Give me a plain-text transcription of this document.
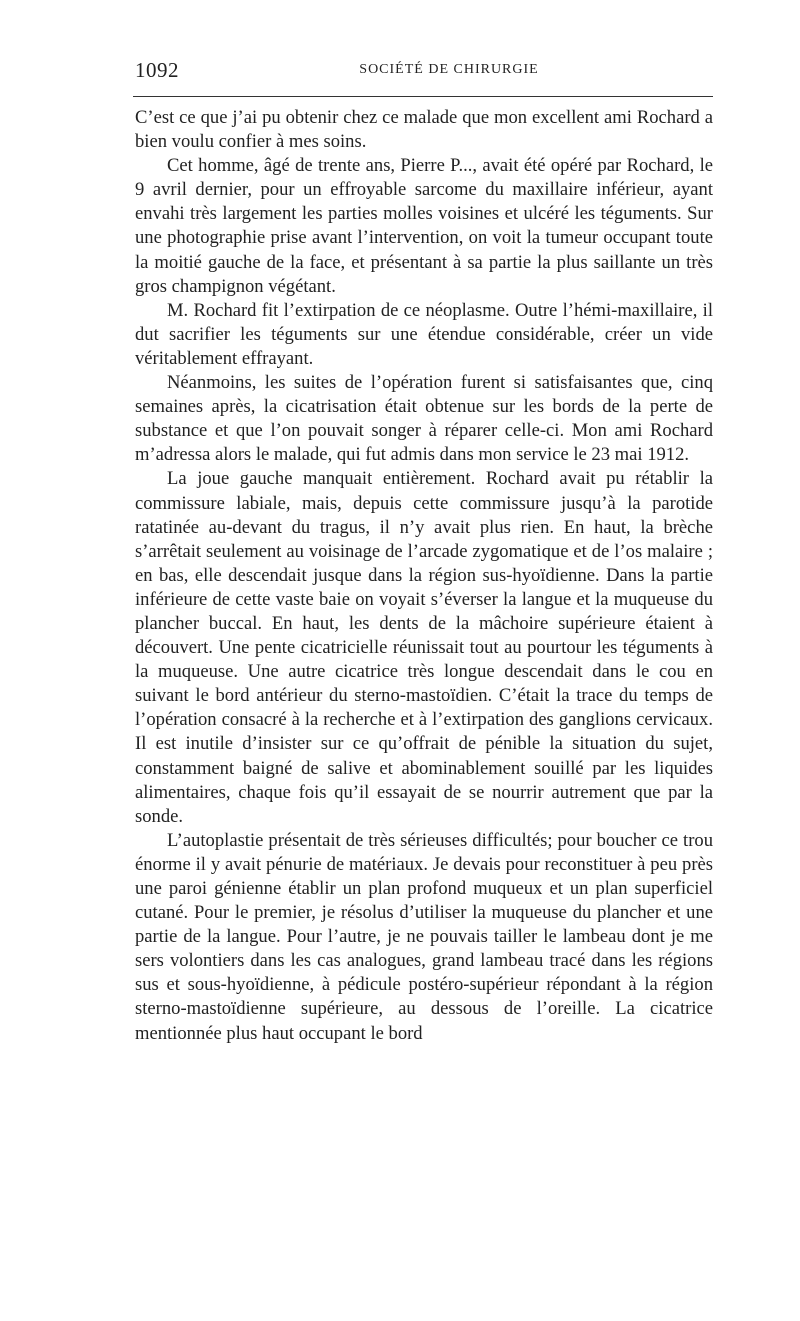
1092	SOCIÉTÉ DE CHIRURGIE

C’est ce que j’ai pu obtenir chez ce malade que mon excellent ami Rochard a bien voulu confier à mes soins.

Cet homme, âgé de trente ans, Pierre P..., avait été opéré par Rochard, le 9 avril dernier, pour un effroyable sarcome du maxillaire inférieur, ayant envahi très largement les parties molles voisines et ulcéré les téguments. Sur une photographie prise avant l’intervention, on voit la tumeur occupant toute la moitié gauche de la face, et présentant à sa partie la plus saillante un très gros champignon végétant.

M. Rochard fit l’extirpation de ce néoplasme. Outre l’hémi-maxillaire, il dut sacrifier les téguments sur une étendue considérable, créer un vide véritablement effrayant.

Néanmoins, les suites de l’opération furent si satisfaisantes que, cinq semaines après, la cicatrisation était obtenue sur les bords de la perte de substance et que l’on pouvait songer à réparer celle-ci. Mon ami Rochard m’adressa alors le malade, qui fut admis dans mon service le 23 mai 1912.

La joue gauche manquait entièrement. Rochard avait pu rétablir la commissure labiale, mais, depuis cette commissure jusqu’à la parotide ratatinée au-devant du tragus, il n’y avait plus rien. En haut, la brèche s’arrêtait seulement au voisinage de l’arcade zygomatique et de l’os malaire ; en bas, elle descendait jusque dans la région sus-hyoïdienne. Dans la partie inférieure de cette vaste baie on voyait s’éverser la langue et la muqueuse du plancher buccal. En haut, les dents de la mâchoire supérieure étaient à découvert. Une pente cicatricielle réunissait tout au pourtour les téguments à la muqueuse. Une autre cicatrice très longue descendait dans le cou en suivant le bord antérieur du sterno-mastoïdien. C’était la trace du temps de l’opération consacré à la recherche et à l’extirpation des ganglions cervicaux. Il est inutile d’insister sur ce qu’offrait de pénible la situation du sujet, constamment baigné de salive et abominablement souillé par les liquides alimentaires, chaque fois qu’il essayait de se nourrir autrement que par la sonde.

L’autoplastie présentait de très sérieuses difficultés; pour boucher ce trou énorme il y avait pénurie de matériaux. Je devais pour reconstituer à peu près une paroi génienne établir un plan profond muqueux et un plan superficiel cutané. Pour le premier, je résolus d’utiliser la muqueuse du plancher et une partie de la langue. Pour l’autre, je ne pouvais tailler le lambeau dont je me sers volontiers dans les cas analogues, grand lambeau tracé dans les régions sus et sous-hyoïdienne, à pédicule postéro-supérieur répondant à la région sterno-mastoïdienne supérieure, au dessous de l’oreille. La cicatrice mentionnée plus haut occupant le bord
